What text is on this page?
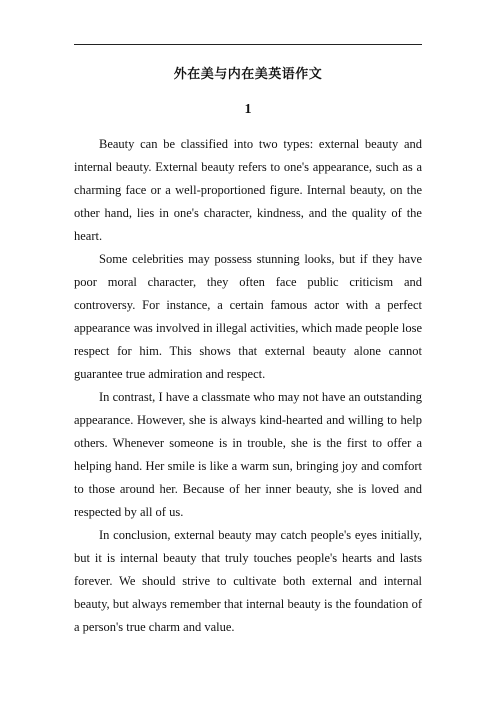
外在美与内在美英语作文
1

Beauty can be classified into two types: external beauty and internal beauty. External beauty refers to one's appearance, such as a charming face or a well-proportioned figure. Internal beauty, on the other hand, lies in one's character, kindness, and the quality of the heart.

Some celebrities may possess stunning looks, but if they have poor moral character, they often face public criticism and controversy. For instance, a certain famous actor with a perfect appearance was involved in illegal activities, which made people lose respect for him. This shows that external beauty alone cannot guarantee true admiration and respect.

In contrast, I have a classmate who may not have an outstanding appearance. However, she is always kind-hearted and willing to help others. Whenever someone is in trouble, she is the first to offer a helping hand. Her smile is like a warm sun, bringing joy and comfort to those around her. Because of her inner beauty, she is loved and respected by all of us.

In conclusion, external beauty may catch people's eyes initially, but it is internal beauty that truly touches people's hearts and lasts forever. We should strive to cultivate both external and internal beauty, but always remember that internal beauty is the foundation of a person's true charm and value.
